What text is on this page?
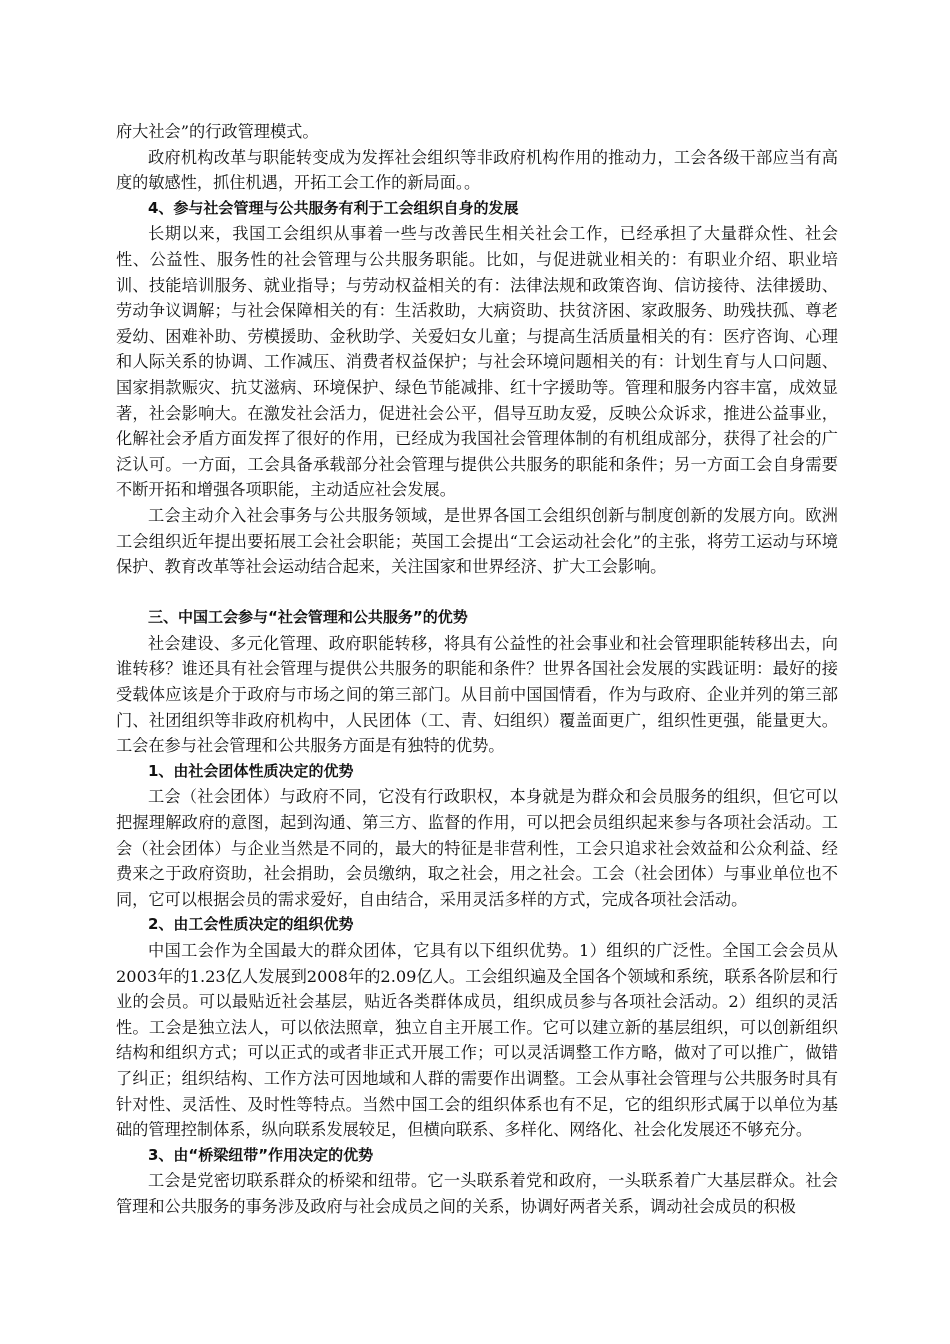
府大社会”的行政管理模式。

政府机构改革与职能转变成为发挥社会组织等非政府机构作用的推动力，工会各级干部应当有高度的敏感性，抓住机遇，开拓工会工作的新局面。。

4、参与社会管理与公共服务有利于工会组织自身的发展

长期以来，我国工会组织从事着一些与改善民生相关社会工作，已经承担了大量群众性、社会性、公益性、服务性的社会管理与公共服务职能。比如，与促进就业相关的：有职业介绍、职业培训、技能培训服务、就业指导；与劳动权益相关的有：法律法规和政策咨询、信访接待、法律援助、劳动争议调解；与社会保障相关的有：生活救助，大病资助、扶贫济困、家政服务、助残扶孤、尊老爱幼、困难补助、劳模援助、金秋助学、关爱妇女儿童；与提高生活质量相关的有：医疗咨询、心理和人际关系的协调、工作减压、消费者权益保护；与社会环境问题相关的有：计划生育与人口问题、国家捐款赈灾、抗艾滋病、环境保护、绿色节能减排、红十字援助等。管理和服务内容丰富，成效显著，社会影响大。在激发社会活力，促进社会公平，倡导互助友爱，反映公众诉求，推进公益事业，化解社会矛盾方面发挥了很好的作用，已经成为我国社会管理体制的有机组成部分，获得了社会的广泛认可。一方面，工会具备承载部分社会管理与提供公共服务的职能和条件；另一方面工会自身需要不断开拓和增强各项职能，主动适应社会发展。

工会主动介入社会事务与公共服务领域，是世界各国工会组织创新与制度创新的发展方向。欧洲工会组织近年提出要拓展工会社会职能；英国工会提出“工会运动社会化”的主张，将劳工运动与环境保护、教育改革等社会运动结合起来，关注国家和世界经济、扩大工会影响。

三、中国工会参与“社会管理和公共服务”的优势

社会建设、多元化管理、政府职能转移，将具有公益性的社会事业和社会管理职能转移出去，向谁转移？谁还具有社会管理与提供公共服务的职能和条件？世界各国社会发展的实践证明：最好的接受载体应该是介于政府与市场之间的第三部门。从目前中国国情看，作为与政府、企业并列的第三部门、社团组织等非政府机构中，人民团体（工、青、妇组织）覆盖面更广，组织性更强，能量更大。工会在参与社会管理和公共服务方面是有独特的优势。

1、由社会团体性质决定的优势

工会（社会团体）与政府不同，它没有行政职权，本身就是为群众和会员服务的组织，但它可以把握理解政府的意图，起到沟通、第三方、监督的作用，可以把会员组织起来参与各项社会活动。工会（社会团体）与企业当然是不同的，最大的特征是非营利性，工会只追求社会效益和公众利益、经费来之于政府资助，社会捐助，会员缴纳，取之社会，用之社会。工会（社会团体）与事业单位也不同，它可以根据会员的需求爱好，自由结合，采用灵活多样的方式，完成各项社会活动。

2、由工会性质决定的组织优势

中国工会作为全国最大的群众团体，它具有以下组织优势。1）组织的广泛性。全国工会会员从2003年的1.23亿人发展到2008年的2.09亿人。工会组织遍及全国各个领域和系统，联系各阶层和行业的会员。可以最贴近社会基层，贴近各类群体成员，组织成员参与各项社会活动。2）组织的灵活性。工会是独立法人，可以依法照章，独立自主开展工作。它可以建立新的基层组织，可以创新组织结构和组织方式；可以正式的或者非正式开展工作；可以灵活调整工作方略，做对了可以推广，做错了纠正；组织结构、工作方法可因地域和人群的需要作出调整。工会从事社会管理与公共服务时具有针对性、灵活性、及时性等特点。当然中国工会的组织体系也有不足，它的组织形式属于以单位为基础的管理控制体系，纵向联系发展较足，但横向联系、多样化、网络化、社会化发展还不够充分。

3、由“桥梁纽带”作用决定的优势

工会是党密切联系群众的桥梁和纽带。它一头联系着党和政府，一头联系着广大基层群众。社会管理和公共服务的事务涉及政府与社会成员之间的关系，协调好两者关系，调动社会成员的积极
